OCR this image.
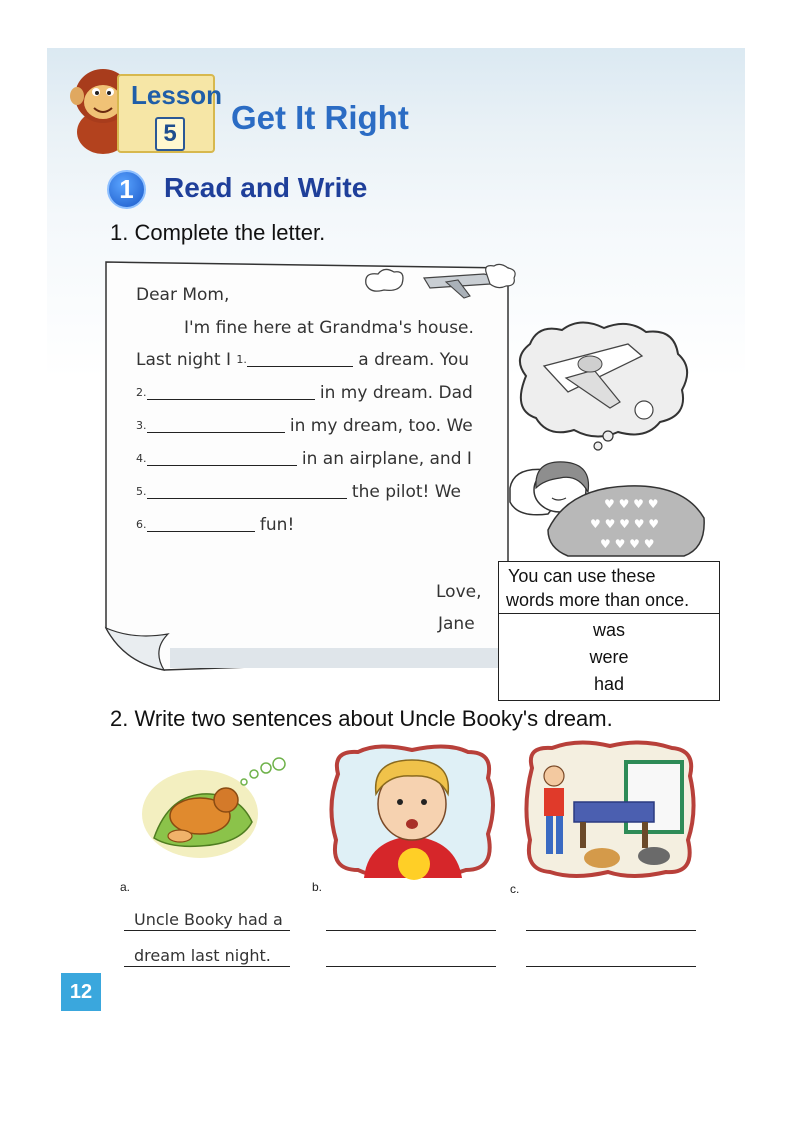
Lesson
5 Get It Right
1	Read and Write
1. Complete the letter.
Dear Mom,
I'm fine here at Grandma's house.
Last night I 1.	a dream. You
2.	in my dream. Dad
3.	in my dream, too. We
4.	in an airplane, and I
5.	the pilot! We
6.	fun!
Love,
Jane
♥ ♥ ♥ ♥
♥ ♥ ♥ ♥ ♥
♥ ♥ ♥ ♥
You can use these
words more than once.
was
were
had
2. Write two sentences about Uncle Booky's dream.
a.	b.	c.
Uncle Booky had a
dream last night.
12
